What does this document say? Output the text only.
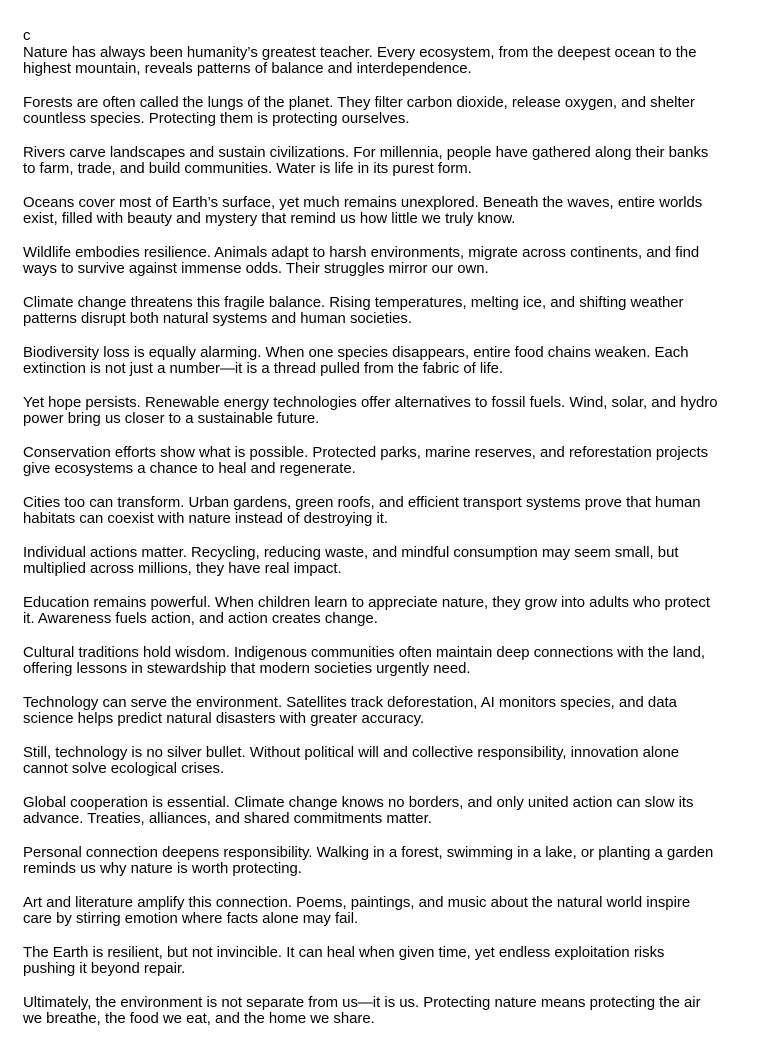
c

Nature has always been humanity’s greatest teacher. Every ecosystem, from the deepest ocean to the
highest mountain, reveals patterns of balance and interdependence.

Forests are often called the lungs of the planet. They filter carbon dioxide, release oxygen, and shelter
countless species. Protecting them is protecting ourselves.

Rivers carve landscapes and sustain civilizations. For millennia, people have gathered along their banks
to farm, trade, and build communities. Water is life in its purest form.

Oceans cover most of Earth’s surface, yet much remains unexplored. Beneath the waves, entire worlds
exist, filled with beauty and mystery that remind us how little we truly know.

Wildlife embodies resilience. Animals adapt to harsh environments, migrate across continents, and find
ways to survive against immense odds. Their struggles mirror our own.

Climate change threatens this fragile balance. Rising temperatures, melting ice, and shifting weather
patterns disrupt both natural systems and human societies.

Biodiversity loss is equally alarming. When one species disappears, entire food chains weaken. Each
extinction is not just a number—it is a thread pulled from the fabric of life.

Yet hope persists. Renewable energy technologies offer alternatives to fossil fuels. Wind, solar, and hydro
power bring us closer to a sustainable future.

Conservation efforts show what is possible. Protected parks, marine reserves, and reforestation projects
give ecosystems a chance to heal and regenerate.

Cities too can transform. Urban gardens, green roofs, and efficient transport systems prove that human
habitats can coexist with nature instead of destroying it.

Individual actions matter. Recycling, reducing waste, and mindful consumption may seem small, but
multiplied across millions, they have real impact.

Education remains powerful. When children learn to appreciate nature, they grow into adults who protect
it. Awareness fuels action, and action creates change.

Cultural traditions hold wisdom. Indigenous communities often maintain deep connections with the land,
offering lessons in stewardship that modern societies urgently need.

Technology can serve the environment. Satellites track deforestation, AI monitors species, and data
science helps predict natural disasters with greater accuracy.

Still, technology is no silver bullet. Without political will and collective responsibility, innovation alone
cannot solve ecological crises.

Global cooperation is essential. Climate change knows no borders, and only united action can slow its
advance. Treaties, alliances, and shared commitments matter.

Personal connection deepens responsibility. Walking in a forest, swimming in a lake, or planting a garden
reminds us why nature is worth protecting.

Art and literature amplify this connection. Poems, paintings, and music about the natural world inspire
care by stirring emotion where facts alone may fail.

The Earth is resilient, but not invincible. It can heal when given time, yet endless exploitation risks
pushing it beyond repair.

Ultimately, the environment is not separate from us—it is us. Protecting nature means protecting the air
we breathe, the food we eat, and the home we share.
